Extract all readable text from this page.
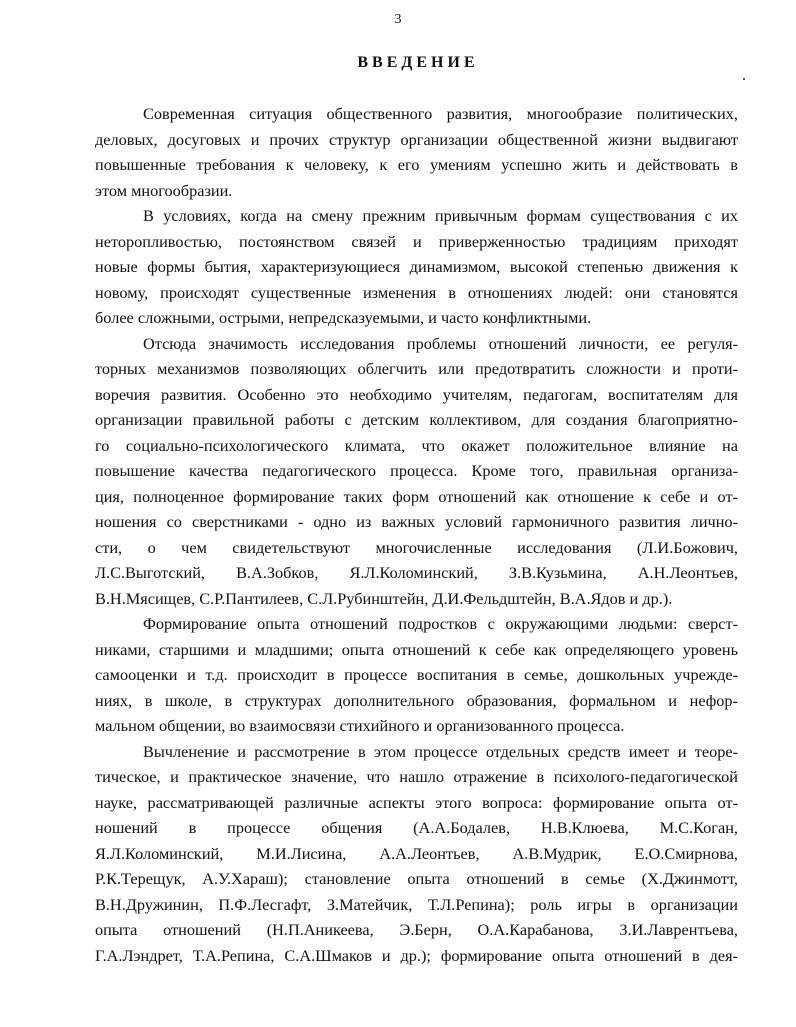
3
ВВЕДЕНИЕ

Современная ситуация общественного развития, многообразие политических,
деловых, досуговых и прочих структур организации общественной жизни выдвигают
повышенные требования к человеку, к его умениям успешно жить и действовать в
этом многообразии.

В условиях, когда на смену прежним привычным формам существования с их
неторопливостью, постоянством связей и приверженностью традициям приходят
новые формы бытия, характеризующиеся динамизмом, высокой степенью движения к
новому, происходят существенные изменения в отношениях людей: они становятся
более сложными, острыми, непредсказуемыми, и часто конфликтными.

Отсюда значимость исследования проблемы отношений личности, ее регуля-
торных механизмов позволяющих облегчить или предотвратить сложности и проти-
воречия развития. Особенно это необходимо учителям, педагогам, воспитателям для
организации правильной работы с детским коллективом, для создания благоприятно-
го социально-психологического климата, что окажет положительное влияние на
повышение качества педагогического процесса. Кроме того, правильная организа-
ция, полноценное формирование таких форм отношений как отношение к себе и от-
ношения со сверстниками - одно из важных условий гармоничного развития лично-
сти, о чем свидетельствуют многочисленные исследования (Л.И.Божович,
Л.С.Выготский, В.А.Зобков, Я.Л.Коломинский, З.В.Кузьмина, А.Н.Леонтьев,
В.Н.Мясищев, С.Р.Пантилеев, С.Л.Рубинштейн, Д.И.Фельдштейн, В.А.Ядов и др.).

Формирование опыта отношений подростков с окружающими людьми: сверст-
никами, старшими и младшими; опыта отношений к себе как определяющего уровень
самооценки и т.д. происходит в процессе воспитания в семье, дошкольных учрежде-
ниях, в школе, в структурах дополнительного образования, формальном и нефор-
мальном общении, во взаимосвязи стихийного и организованного процесса.

Вычленение и рассмотрение в этом процессе отдельных средств имеет и теоре-
тическое, и практическое значение, что нашло отражение в психолого-педагогической
науке, рассматривающей различные аспекты этого вопроса: формирование опыта от-
ношений в процессе общения (А.А.Бодалев, Н.В.Клюева, М.С.Коган,
Я.Л.Коломинский, М.И.Лисина, А.А.Леонтьев, А.В.Мудрик, Е.О.Смирнова,
Р.К.Терещук, А.У.Хараш); становление опыта отношений в семье (Х.Джинмотт,
В.Н.Дружинин, П.Ф.Лесгафт, З.Матейчик, Т.Л.Репина); роль игры в организации
опыта отношений (Н.П.Аникеева, Э.Берн, О.А.Карабанова, З.И.Лаврентьева,
Г.А.Лэндрет, Т.А.Репина, С.А.Шмаков и др.); формирование опыта отношений в дея-
